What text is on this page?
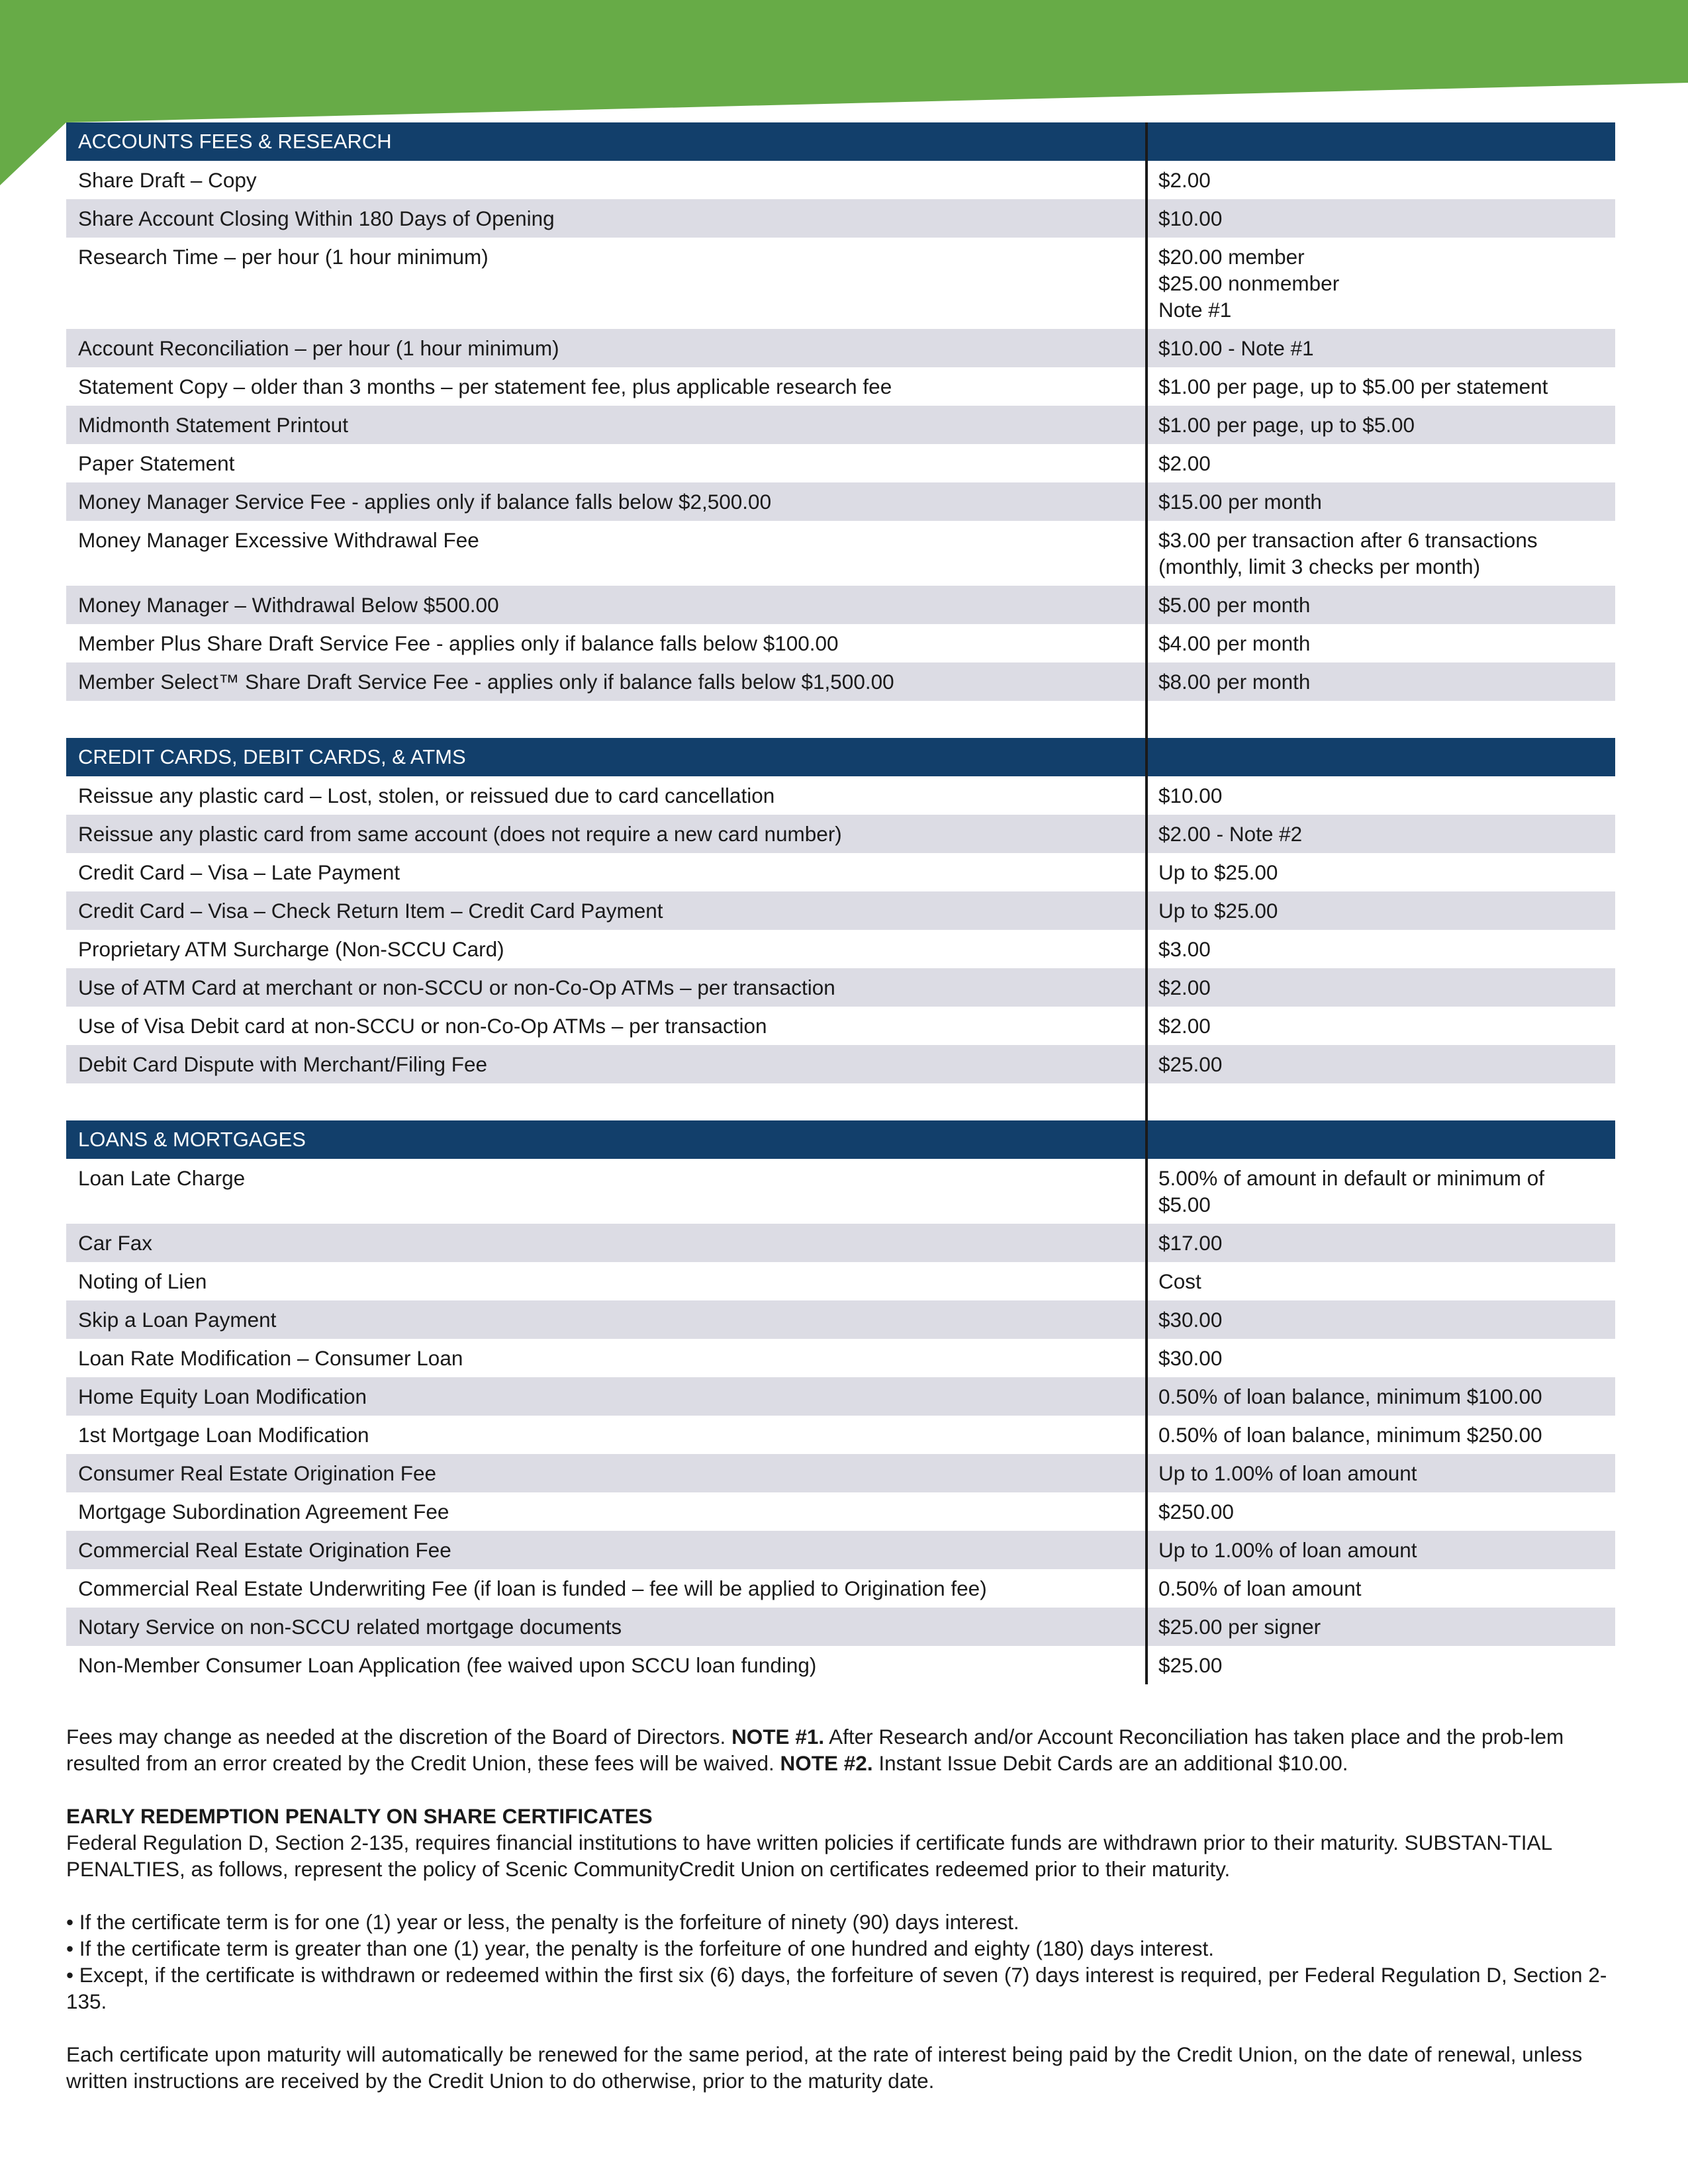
ACCOUNTS FEES & RESEARCH
Share Draft – Copy	$2.00
Share Account Closing Within 180 Days of Opening	$10.00
Research Time – per hour (1 hour minimum)	$20.00 member
$25.00 nonmember
Note #1
Account Reconciliation – per hour (1 hour minimum)	$10.00 - Note #1
Statement Copy – older than 3 months – per statement fee, plus applicable research fee	$1.00 per page, up to $5.00 per statement
Midmonth Statement Printout	$1.00 per page, up to $5.00
Paper Statement	$2.00
Money Manager Service Fee - applies only if balance falls below $2,500.00	$15.00 per month
Money Manager Excessive Withdrawal Fee	$3.00 per transaction after 6 transactions
(monthly, limit 3 checks per month)
Money Manager – Withdrawal Below $500.00	$5.00 per month
Member Plus Share Draft Service Fee - applies only if balance falls below $100.00	$4.00 per month
Member Select™ Share Draft Service Fee - applies only if balance falls below $1,500.00	$8.00 per month
CREDIT CARDS, DEBIT CARDS, & ATMS
Reissue any plastic card – Lost, stolen, or reissued due to card cancellation	$10.00
Reissue any plastic card from same account (does not require a new card number)	$2.00 - Note #2
Credit Card – Visa – Late Payment	Up to $25.00
Credit Card – Visa – Check Return Item – Credit Card Payment	Up to $25.00
Proprietary ATM Surcharge (Non-SCCU Card)	$3.00
Use of ATM Card at merchant or non-SCCU or non-Co-Op ATMs – per transaction	$2.00
Use of Visa Debit card at non-SCCU or non-Co-Op ATMs – per transaction	$2.00
Debit Card Dispute with Merchant/Filing Fee	$25.00
LOANS & MORTGAGES
Loan Late Charge	5.00% of amount in default or minimum of
$5.00
Car Fax	$17.00
Noting of Lien	Cost
Skip a Loan Payment	$30.00
Loan Rate Modification – Consumer Loan	$30.00
Home Equity Loan Modification	0.50% of loan balance, minimum $100.00
1st Mortgage Loan Modification	0.50% of loan balance, minimum $250.00
Consumer Real Estate Origination Fee	Up to 1.00% of loan amount
Mortgage Subordination Agreement Fee	$250.00
Commercial Real Estate Origination Fee	Up to 1.00% of loan amount
Commercial Real Estate Underwriting Fee (if loan is funded – fee will be applied to Origination fee)	0.50% of loan amount
Notary Service on non-SCCU related mortgage documents	$25.00 per signer
Non-Member Consumer Loan Application (fee waived upon SCCU loan funding)	$25.00

Fees may change as needed at the discretion of the Board of Directors. NOTE #1. After Research and/or Account Reconciliation has taken place and the prob-lem resulted from an error created by the Credit Union, these fees will be waived. NOTE #2. Instant Issue Debit Cards are an additional $10.00.

EARLY REDEMPTION PENALTY ON SHARE CERTIFICATES

Federal Regulation D, Section 2-135, requires financial institutions to have written policies if certificate funds are withdrawn prior to their maturity. SUBSTAN-TIAL PENALTIES, as follows, represent the policy of Scenic CommunityCredit Union on certificates redeemed prior to their maturity.

• If the certificate term is for one (1) year or less, the penalty is the forfeiture of ninety (90) days interest.

• If the certificate term is greater than one (1) year, the penalty is the forfeiture of one hundred and eighty (180) days interest.

• Except, if the certificate is withdrawn or redeemed within the first six (6) days, the forfeiture of seven (7) days interest is required, per Federal Regulation D, Section 2-135.

Each certificate upon maturity will automatically be renewed for the same period, at the rate of interest being paid by the Credit Union, on the date of renewal, unless written instructions are received by the Credit Union to do otherwise, prior to the maturity date.
